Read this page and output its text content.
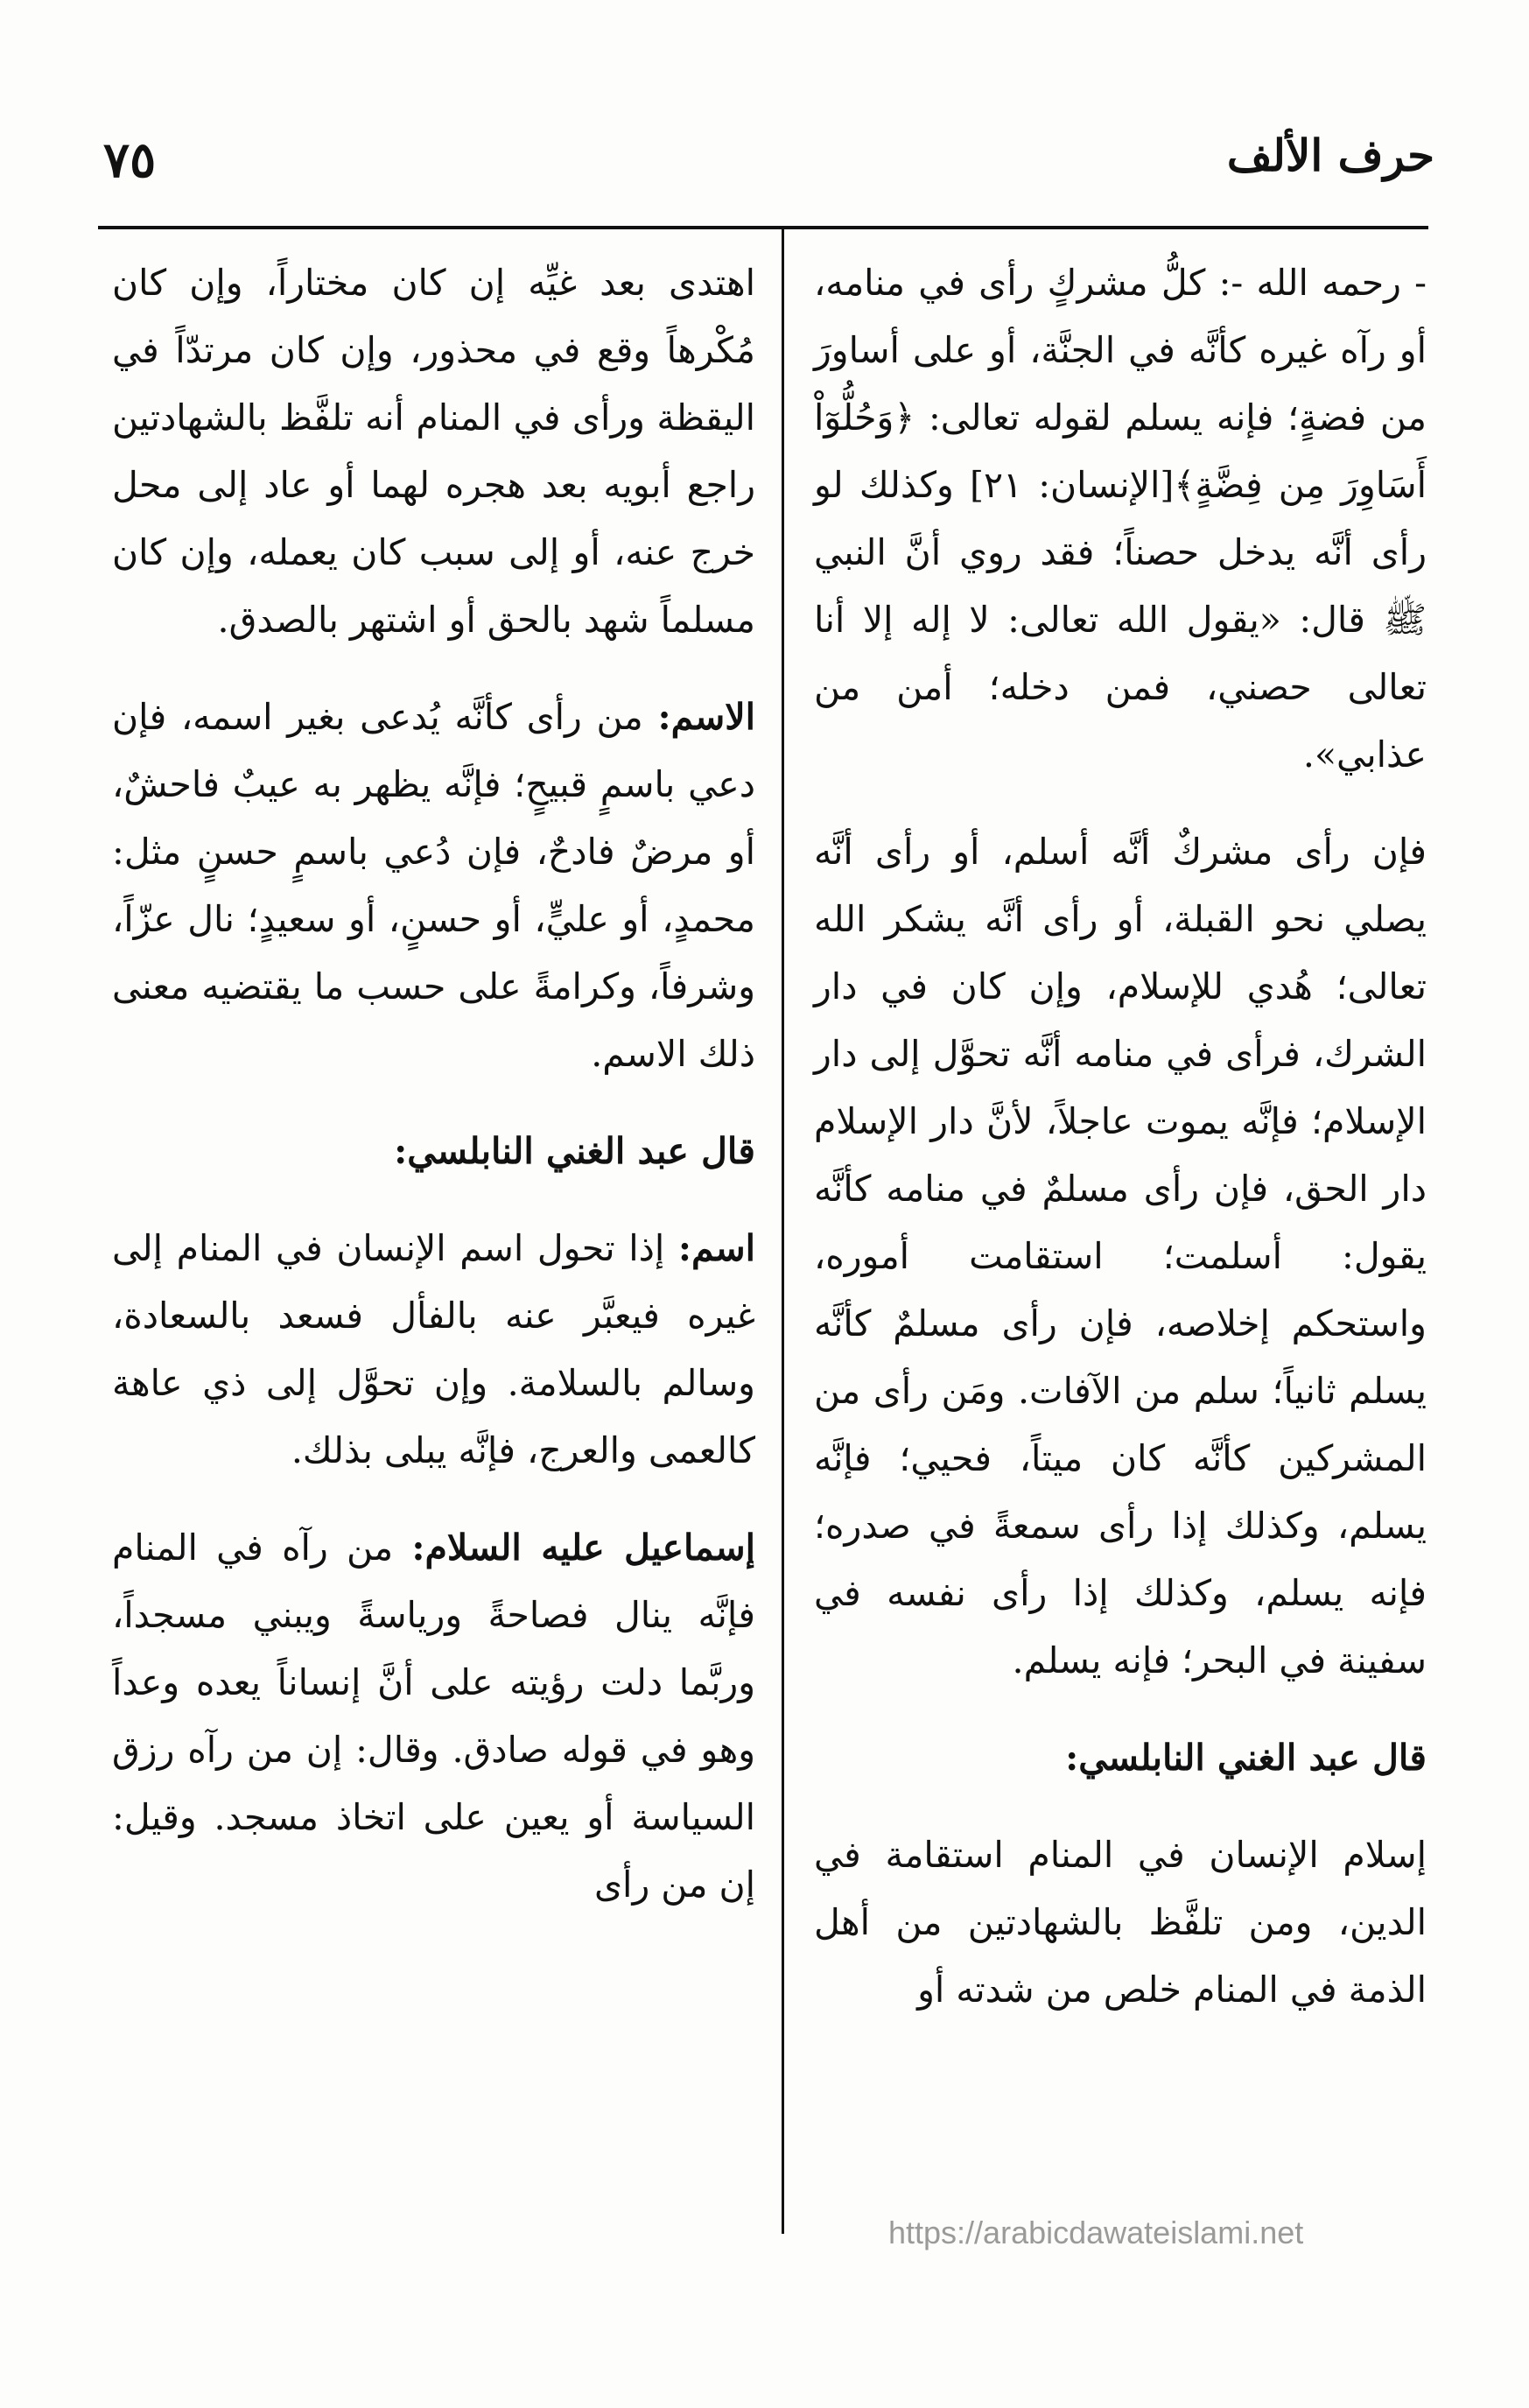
حرف الألف
٧٥

- رحمه الله -: كلُّ مشركٍ رأى في منامه، أو رآه غيره كأنَّه في الجنَّة، أو على أساورَ من فضةٍ؛ فإنه يسلم لقوله تعالى: ﴿وَحُلُّوٓاْ أَسَاوِرَ مِن فِضَّةٍ﴾[الإنسان: ٢١] وكذلك لو رأى أنَّه يدخل حصناً؛ فقد روي أنَّ النبي ﷺ قال: «يقول الله تعالى: لا إله إلا أنا تعالى حصني، فمن دخله؛ أمن من عذابي».

فإن رأى مشركٌ أنَّه أسلم، أو رأى أنَّه يصلي نحو القبلة، أو رأى أنَّه يشكر الله تعالى؛ هُدي للإسلام، وإن كان في دار الشرك، فرأى في منامه أنَّه تحوَّل إلى دار الإسلام؛ فإنَّه يموت عاجلاً، لأنَّ دار الإسلام دار الحق، فإن رأى مسلمٌ في منامه كأنَّه يقول: أسلمت؛ استقامت أموره، واستحكم إخلاصه، فإن رأى مسلمٌ كأنَّه يسلم ثانياً؛ سلم من الآفات. ومَن رأى من المشركين كأنَّه كان ميتاً، فحيي؛ فإنَّه يسلم، وكذلك إذا رأى سمعةً في صدره؛ فإنه يسلم، وكذلك إذا رأى نفسه في سفينة في البحر؛ فإنه يسلم.

قال عبد الغني النابلسي:

إسلام الإنسان في المنام استقامة في الدين، ومن تلفَّظ بالشهادتين من أهل الذمة في المنام خلص من شدته أو

اهتدى بعد غيِّه إن كان مختاراً، وإن كان مُكْرهاً وقع في محذور، وإن كان مرتدّاً في اليقظة ورأى في المنام أنه تلفَّظ بالشهادتين راجع أبويه بعد هجره لهما أو عاد إلى محل خرج عنه، أو إلى سبب كان يعمله، وإن كان مسلماً شهد بالحق أو اشتهر بالصدق.

الاسم: من رأى كأنَّه يُدعى بغير اسمه، فإن دعي باسمٍ قبيحٍ؛ فإنَّه يظهر به عيبٌ فاحشٌ، أو مرضٌ فادحٌ، فإن دُعي باسمٍ حسنٍ مثل: محمدٍ، أو عليٍّ، أو حسنٍ، أو سعيدٍ؛ نال عزّاً، وشرفاً، وكرامةً على حسب ما يقتضيه معنى ذلك الاسم.

قال عبد الغني النابلسي:

اسم: إذا تحول اسم الإنسان في المنام إلى غيره فيعبَّر عنه بالفأل فسعد بالسعادة، وسالم بالسلامة. وإن تحوَّل إلى ذي عاهة كالعمى والعرج، فإنَّه يبلى بذلك.

إسماعيل عليه السلام: من رآه في المنام فإنَّه ينال فصاحةً ورياسةً ويبني مسجداً، وربَّما دلت رؤيته على أنَّ إنساناً يعده وعداً وهو في قوله صادق. وقال: إن من رآه رزق السياسة أو يعين على اتخاذ مسجد. وقيل: إن من رأى

https://arabicdawateislami.net
